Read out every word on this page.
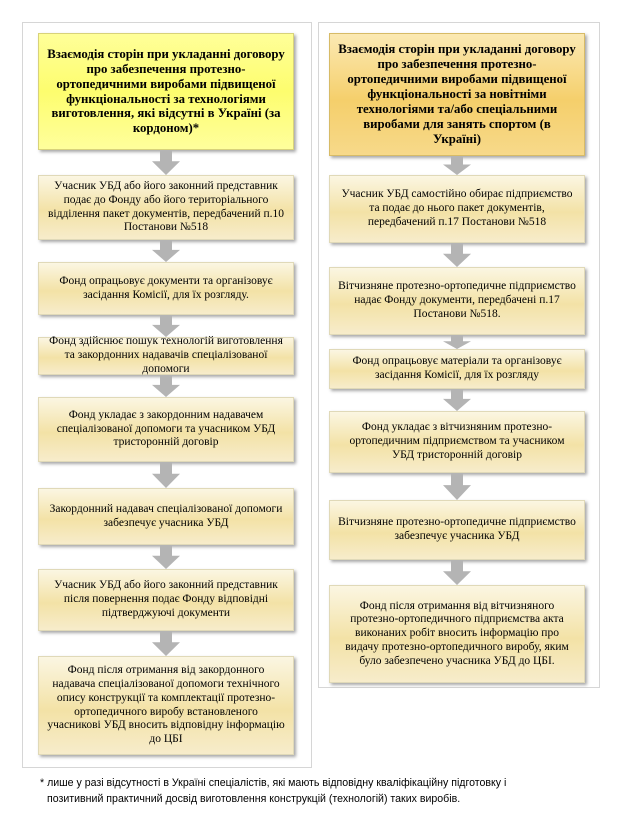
Взаємодія сторін при укладанні договору про забезпечення протезно-ортопедичними виробами підвищеної функціональності за технологіями виготовлення, які відсутні в Україні (за кордоном)*
Учасник УБД або його законний представник подає до Фонду або його територіального відділення пакет документів, передбачений п.10 Постанови №518
Фонд опрацьовує документи та організовує засідання Комісії, для їх розгляду.
Фонд здійснює пошук технологій виготовлення та закордонних надавачів спеціалізованої допомоги
Фонд укладає з закордонним надавачем спеціалізованої допомоги та учасником УБД тристоронній договір
Закордонний надавач спеціалізованої допомоги забезпечує учасника УБД
Учасник УБД або його законний представник після повернення подає Фонду відповідні підтверджуючі документи
Фонд після отримання від закордонного надавача спеціалізованої допомоги технічного опису конструкції та комплектації протезно-ортопедичного виробу встановленого учасникові УБД вносить відповідну інформацію до ЦБІ
Взаємодія сторін при укладанні договору про забезпечення протезно-ортопедичними виробами підвищеної функціональності за новітніми технологіями та/або спеціальними виробами для занять спортом (в Україні)
Учасник УБД самостійно обирає підприємство та подає до нього пакет документів, передбачений п.17 Постанови №518
Вітчизняне протезно-ортопедичне підприємство надає Фонду документи, передбачені п.17 Постанови №518.
Фонд опрацьовує матеріали та організовує засідання Комісії, для їх розгляду
Фонд укладає з вітчизняним протезно-ортопедичним підприємством та учасником УБД тристоронній договір
Вітчизняне протезно-ортопедичне підприємство забезпечує учасника УБД
Фонд після отримання від вітчизняного протезно-ортопедичного підприємства акта виконаних робіт вносить інформацію про видачу протезно-ортопедичного виробу, яким було забезпечено учасника УБД до ЦБІ.

* лише у разі відсутності в Україні спеціалістів, які мають відповідну кваліфікаційну підготовку і

позитивний практичний досвід виготовлення конструкцій (технологій) таких виробів.
